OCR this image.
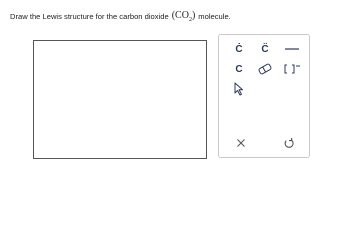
Draw the Lewis structure for the carbon dioxide $(CO_2)$ molecule.
Ċ	C̈
C
